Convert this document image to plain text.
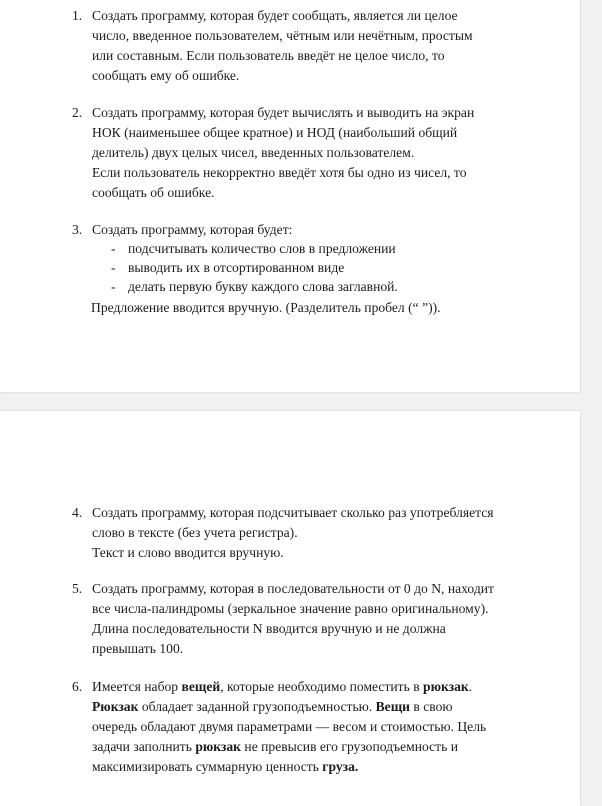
1. Создать программу, которая будет сообщать, является ли целое
число, введенное пользователем, чётным или нечётным, простым
или составным. Если пользователь введёт не целое число, то
сообщать ему об ошибке.
2. Создать программу, которая будет вычислять и выводить на экран
НОК (наименьшее общее кратное) и НОД (наибольший общий
делитель) двух целых чисел, введенных пользователем.
Если пользователь некорректно введёт хотя бы одно из чисел, то
сообщать об ошибке.
3. Создать программу, которая будет:
- подсчитывать количество слов в предложении
- выводить их в отсортированном виде
- делать первую букву каждого слова заглавной.
Предложение вводится вручную. (Разделитель пробел (“ ”)).
4. Создать программу, которая подсчитывает сколько раз употребляется
слово в тексте (без учета регистра).
Текст и слово вводится вручную.
5. Создать программу, которая в последовательности от 0 до N, находит
все числа-палиндромы (зеркальное значение равно оригинальному).
Длина последовательности N вводится вручную и не должна
превышать 100.
6. Имеется набор вещей, которые необходимо поместить в рюкзак.
Рюкзак обладает заданной грузоподъемностью. Вещи в свою
очередь обладают двумя параметрами — весом и стоимостью. Цель
задачи заполнить рюкзак не превысив его грузоподъемность и
максимизировать суммарную ценность груза.
